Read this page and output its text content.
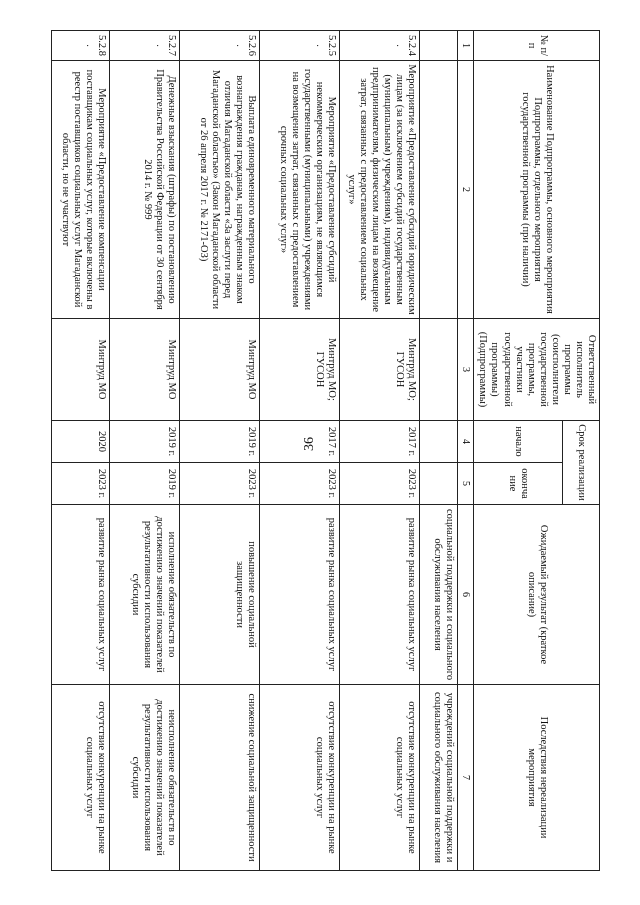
36
№ п/п	Наименование Подпрограммы, основного мероприятия Подпрограммы, отдельного мероприятия государственной программы (при наличии)	Ответственный исполнитель программы (соисполнители государственной программы, участники государственной программы) (Подпрограммы)	Срок реализации		Ожидаемый результат (краткое описание)	Последствия нереализации мероприятия
			начало	окончание		
1	2	3	4	5	6	7
					социальной поддержки и социального обслуживания населения	учреждений социальной поддержки и социального обслуживания населения
5.2.4.	Мероприятие «Предоставление субсидий юридическим лицам (за исключением субсидий государственным (муниципальным) учреждениям), индивидуальным предпринимателям, физическим лицам на возмещение затрат, связанных с предоставлением социальных услуг»	Минтруд МО; ГУСОН	2017 г.	2023 г.	развитие рынка социальных услуг	отсутствие конкуренции на рынке социальных услуг
5.2.5.	Мероприятие «Предоставление субсидий некоммерческим организациям, не являющимся государственными (муниципальными) учреждениями на возмещение затрат, связанных с предоставлением срочных социальных услуг»	Минтруд МО; ГУСОН	2017 г.	2023 г.	развитие рынка социальных услуг	отсутствие конкуренции на рынке социальных услуг
5.2.6.	Выплата единовременного материального вознаграждения гражданам, награжденным знаком отличия Магаданской области «За заслуги перед Магаданской областью» (Закон Магаданской области от 26 апреля 2017 г. № 2171-ОЗ)	Минтруд МО	2019 г.	2023 г.	повышение социальной защищенности	снижение социальной защищенности
5.2.7.	Денежные взыскания (штрафы) по постановлению Правительства Российской Федерации от 30 сентября 2014 г. № 999	Минтруд МО	2019 г.	2019 г.	исполнение обязательств по достижению значений показателей результативности использования субсидии	неисполнение обязательств по достижению значений показателей результативности использования субсидии
5.2.8.	Мероприятие «Предоставление компенсации поставщикам социальных услуг, которые включены в реестр поставщиков социальных услуг Магаданской области, но не участвуют	Минтруд МО	2020	2023 г.	развитие рынка социальных услуг	отсутствие конкуренции на рынке социальных услуг
